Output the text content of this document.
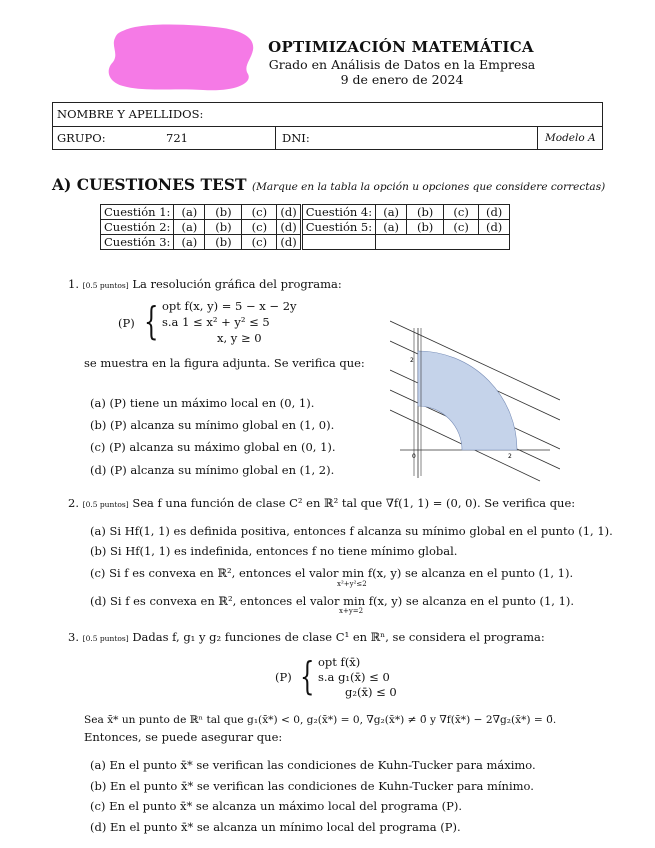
OPTIMIZACIÓN MATEMÁTICA
Grado en Análisis de Datos en la Empresa
9 de enero de 2024
NOMBRE Y APELLIDOS:
GRUPO:	721	DNI:	Modelo A
A) CUESTIONES TEST (Marque en la tabla la opción u opciones que considere correctas)
Cuestión 1:	(a)	(b)	(c)	(d)	Cuestión 4:	(a)	(b)	(c)	(d)
Cuestión 2:	(a)	(b)	(c)	(d)	Cuestión 5:	(a)	(b)	(c)	(d)
Cuestión 3:	(a)	(b)	(c)	(d)					
1. [0.5 puntos] La resolución gráfica del programa:
(P) { opt f(x, y) = 5 − x − 2y
s.a 1 ≤ x² + y² ≤ 5
x, y ≥ 0
se muestra en la figura adjunta. Se verifica que:
(a) (P) tiene un máximo local en (0, 1).
(b) (P) alcanza su mínimo global en (1, 0).
(c) (P) alcanza su máximo global en (0, 1).
(d) (P) alcanza su mínimo global en (1, 2).
2
0	2
2. [0.5 puntos] Sea f una función de clase C² en ℝ² tal que ∇f(1, 1) = (0, 0). Se verifica que:
(a) Si Hf(1, 1) es definida positiva, entonces f alcanza su mínimo global en el punto (1, 1).
(b) Si Hf(1, 1) es indefinida, entonces f no tiene mínimo global.
(c) Si f es convexa en ℝ², entonces el valor min f(x, y) se alcanza en el punto (1, 1).
x²+y²≤2
(d) Si f es convexa en ℝ², entonces el valor min f(x, y) se alcanza en el punto (1, 1).
x+y=2
3. [0.5 puntos] Dadas f, g₁ y g₂ funciones de clase C¹ en ℝⁿ, se considera el programa:
(P) { opt f(x̄)
s.a g₁(x̄) ≤ 0
g₂(x̄) ≤ 0
Sea x̄* un punto de ℝⁿ tal que g₁(x̄*) < 0, g₂(x̄*) = 0, ∇g₂(x̄*) ≠ 0̄ y ∇f(x̄*) − 2∇g₂(x̄*) = 0̄.
Entonces, se puede asegurar que:
(a) En el punto x̄* se verifican las condiciones de Kuhn-Tucker para máximo.
(b) En el punto x̄* se verifican las condiciones de Kuhn-Tucker para mínimo.
(c) En el punto x̄* se alcanza un máximo local del programa (P).
(d) En el punto x̄* se alcanza un mínimo local del programa (P).
